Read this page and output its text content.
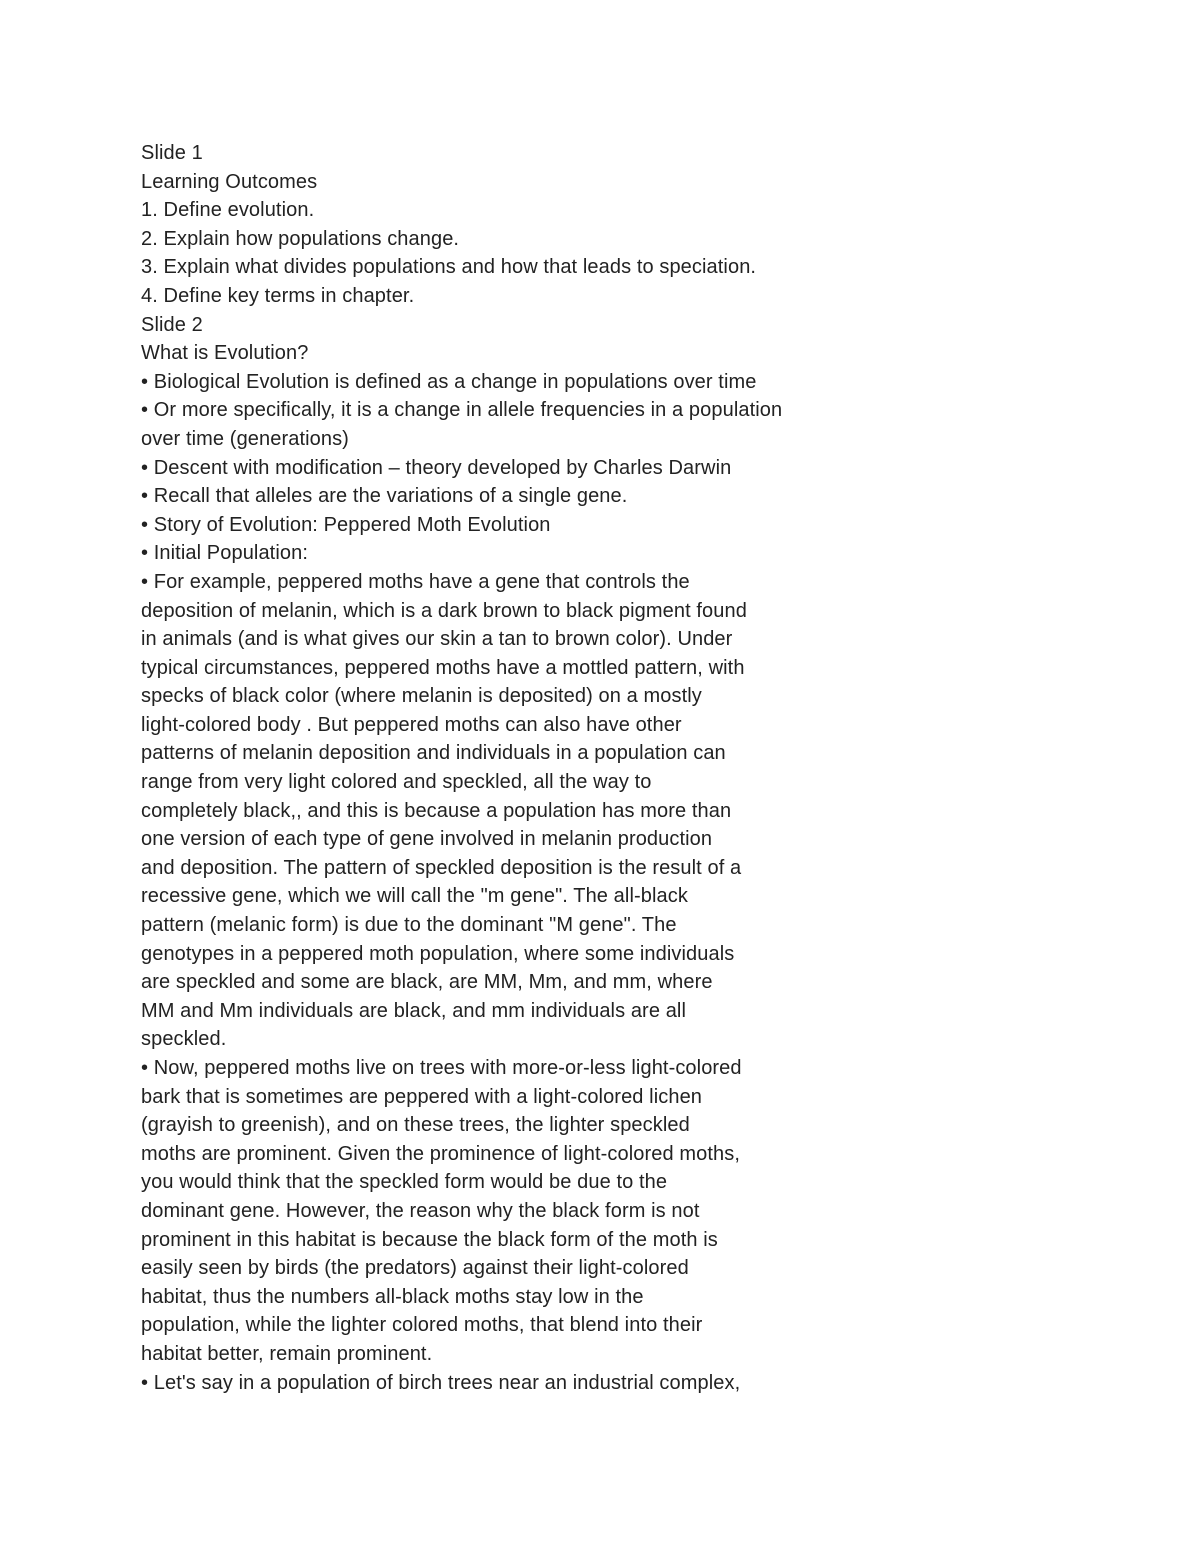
Slide 1
Learning Outcomes
1. Define evolution.
2. Explain how populations change.
3. Explain what divides populations and how that leads to speciation.
4. Define key terms in chapter.
Slide 2
What is Evolution?
• Biological Evolution is defined as a change in populations over time
• Or more specifically, it is a change in allele frequencies in a population
over time (generations)
• Descent with modification – theory developed by Charles Darwin
• Recall that alleles are the variations of a single gene.
• Story of Evolution: Peppered Moth Evolution
• Initial Population:
• For example, peppered moths have a gene that controls the
deposition of melanin, which is a dark brown to black pigment found
in animals (and is what gives our skin a tan to brown color). Under
typical circumstances, peppered moths have a mottled pattern, with
specks of black color (where melanin is deposited) on a mostly
light-colored body . But peppered moths can also have other
patterns of melanin deposition and individuals in a population can
range from very light colored and speckled, all the way to
completely black,, and this is because a population has more than
one version of each type of gene involved in melanin production
and deposition. The pattern of speckled deposition is the result of a
recessive gene, which we will call the "m gene". The all-black
pattern (melanic form) is due to the dominant "M gene". The
genotypes in a peppered moth population, where some individuals
are speckled and some are black, are MM, Mm, and mm, where
MM and Mm individuals are black, and mm individuals are all
speckled.
• Now, peppered moths live on trees with more-or-less light-colored
bark that is sometimes are peppered with a light-colored lichen
(grayish to greenish), and on these trees, the lighter speckled
moths are prominent. Given the prominence of light-colored moths,
you would think that the speckled form would be due to the
dominant gene. However, the reason why the black form is not
prominent in this habitat is because the black form of the moth is
easily seen by birds (the predators) against their light-colored
habitat, thus the numbers all-black moths stay low in the
population, while the lighter colored moths, that blend into their
habitat better, remain prominent.
• Let's say in a population of birch trees near an industrial complex,
